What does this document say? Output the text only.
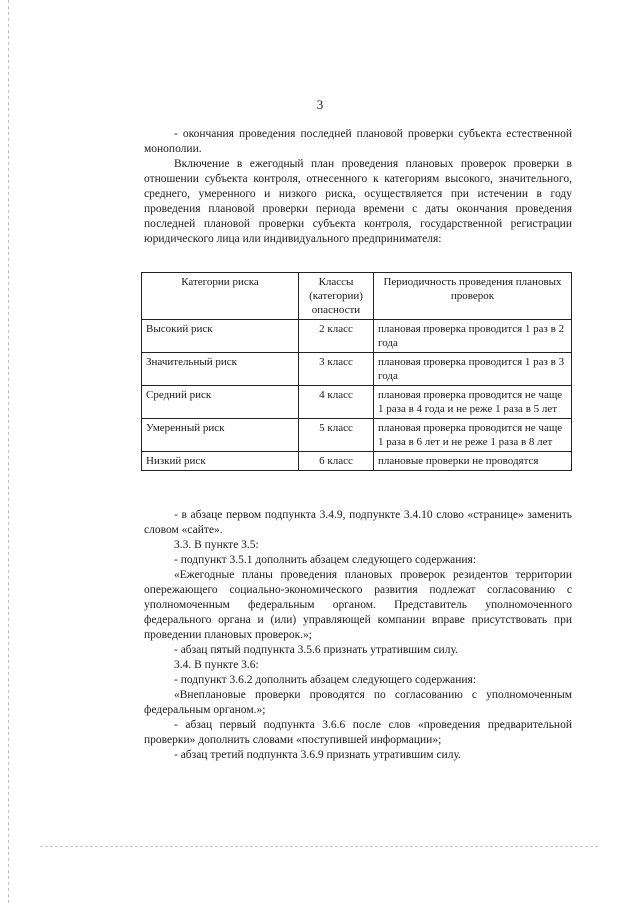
3

- окончания проведения последней плановой проверки субъекта естественной монополии.

Включение в ежегодный план проведения плановых проверок проверки в отношении субъекта контроля, отнесенного к категориям высокого, значительного, среднего, умеренного и низкого риска, осуществляется при истечении в году проведения плановой проверки периода времени с даты окончания проведения последней плановой проверки субъекта контроля, государственной регистрации юридического лица или индивидуального предпринимателя:

Категории риска	Классы (категории) опасности	Периодичность проведения плановых проверок
Высокий риск	2 класс	плановая проверка проводится 1 раз в 2 года
Значительный риск	3 класс	плановая проверка проводится 1 раз в 3 года
Средний риск	4 класс	плановая проверка проводится не чаще 1 раза в 4 года и не реже 1 раза в 5 лет
Умеренный риск	5 класс	плановая проверка проводится не чаще 1 раза в 6 лет и не реже 1 раза в 8 лет
Низкий риск	6 класс	плановые проверки не проводятся

- в абзаце первом подпункта 3.4.9, подпункте 3.4.10 слово «странице» заменить словом «сайте».

3.3. В пункте 3.5:

- подпункт 3.5.1 дополнить абзацем следующего содержания:

«Ежегодные планы проведения плановых проверок резидентов территории опережающего социально-экономического развития подлежат согласованию с уполномоченным федеральным органом. Представитель уполномоченного федерального органа и (или) управляющей компании вправе присутствовать при проведении плановых проверок.»;

- абзац пятый подпункта 3.5.6 признать утратившим силу.

3.4. В пункте 3.6:

- подпункт 3.6.2 дополнить абзацем следующего содержания:

«Внеплановые проверки проводятся по согласованию с уполномоченным федеральным органом.»;

- абзац первый подпункта 3.6.6 после слов «проведения предварительной проверки» дополнить словами «поступившей информации»;

- абзац третий подпункта 3.6.9 признать утратившим силу.
